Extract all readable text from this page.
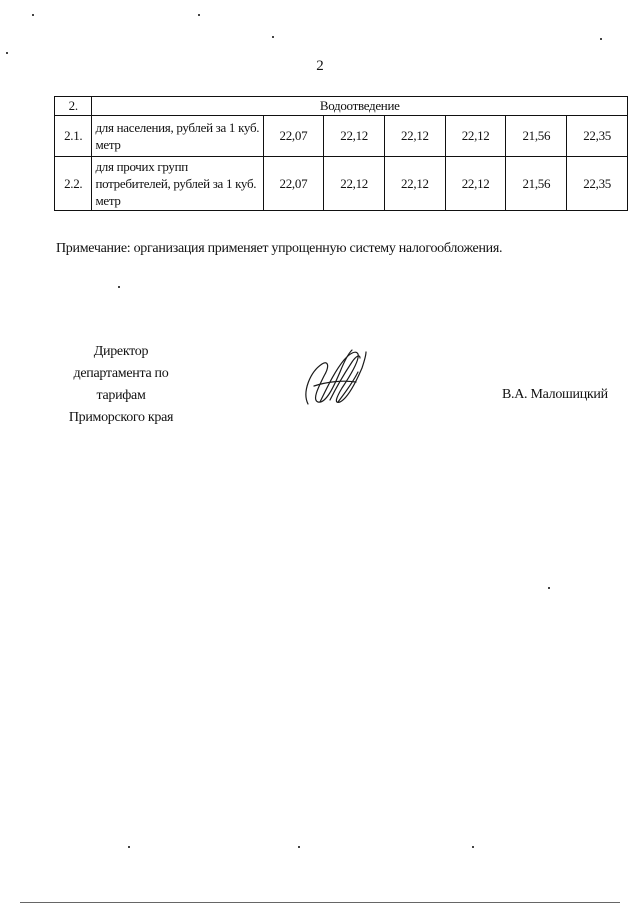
2
2.	Водоотведение						
2.1.	для населения, рублей за 1 куб. метр	22,07	22,12	22,12	22,12	21,56	22,35
2.2.	для прочих групп потребителей, рублей за 1 куб. метр	22,07	22,12	22,12	22,12	21,56	22,35
Примечание: организация применяет упрощенную систему налогообложения.
Директор
департамента по тарифам
Приморского края
В.А. Малошицкий
